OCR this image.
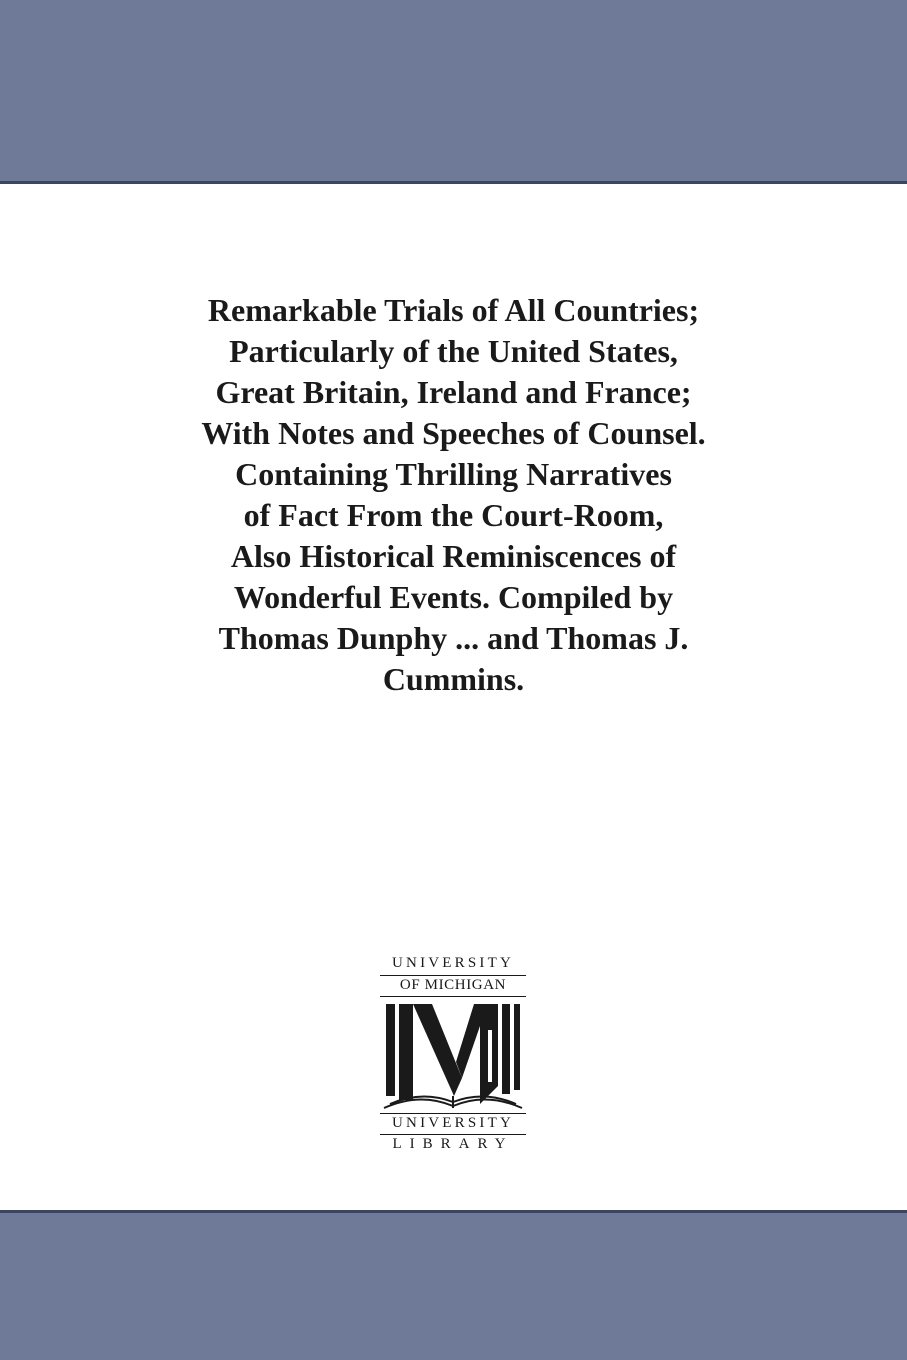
Remarkable Trials of All Countries;
Particularly of the United States,
Great Britain, Ireland and France;
With Notes and Speeches of Counsel.
Containing Thrilling Narratives
of Fact From the Court-Room,
Also Historical Reminiscences of
Wonderful Events. Compiled by
Thomas Dunphy ... and Thomas J.
Cummins.
UNIVERSITY
OF MICHIGAN
UNIVERSITY
LIBRARY
